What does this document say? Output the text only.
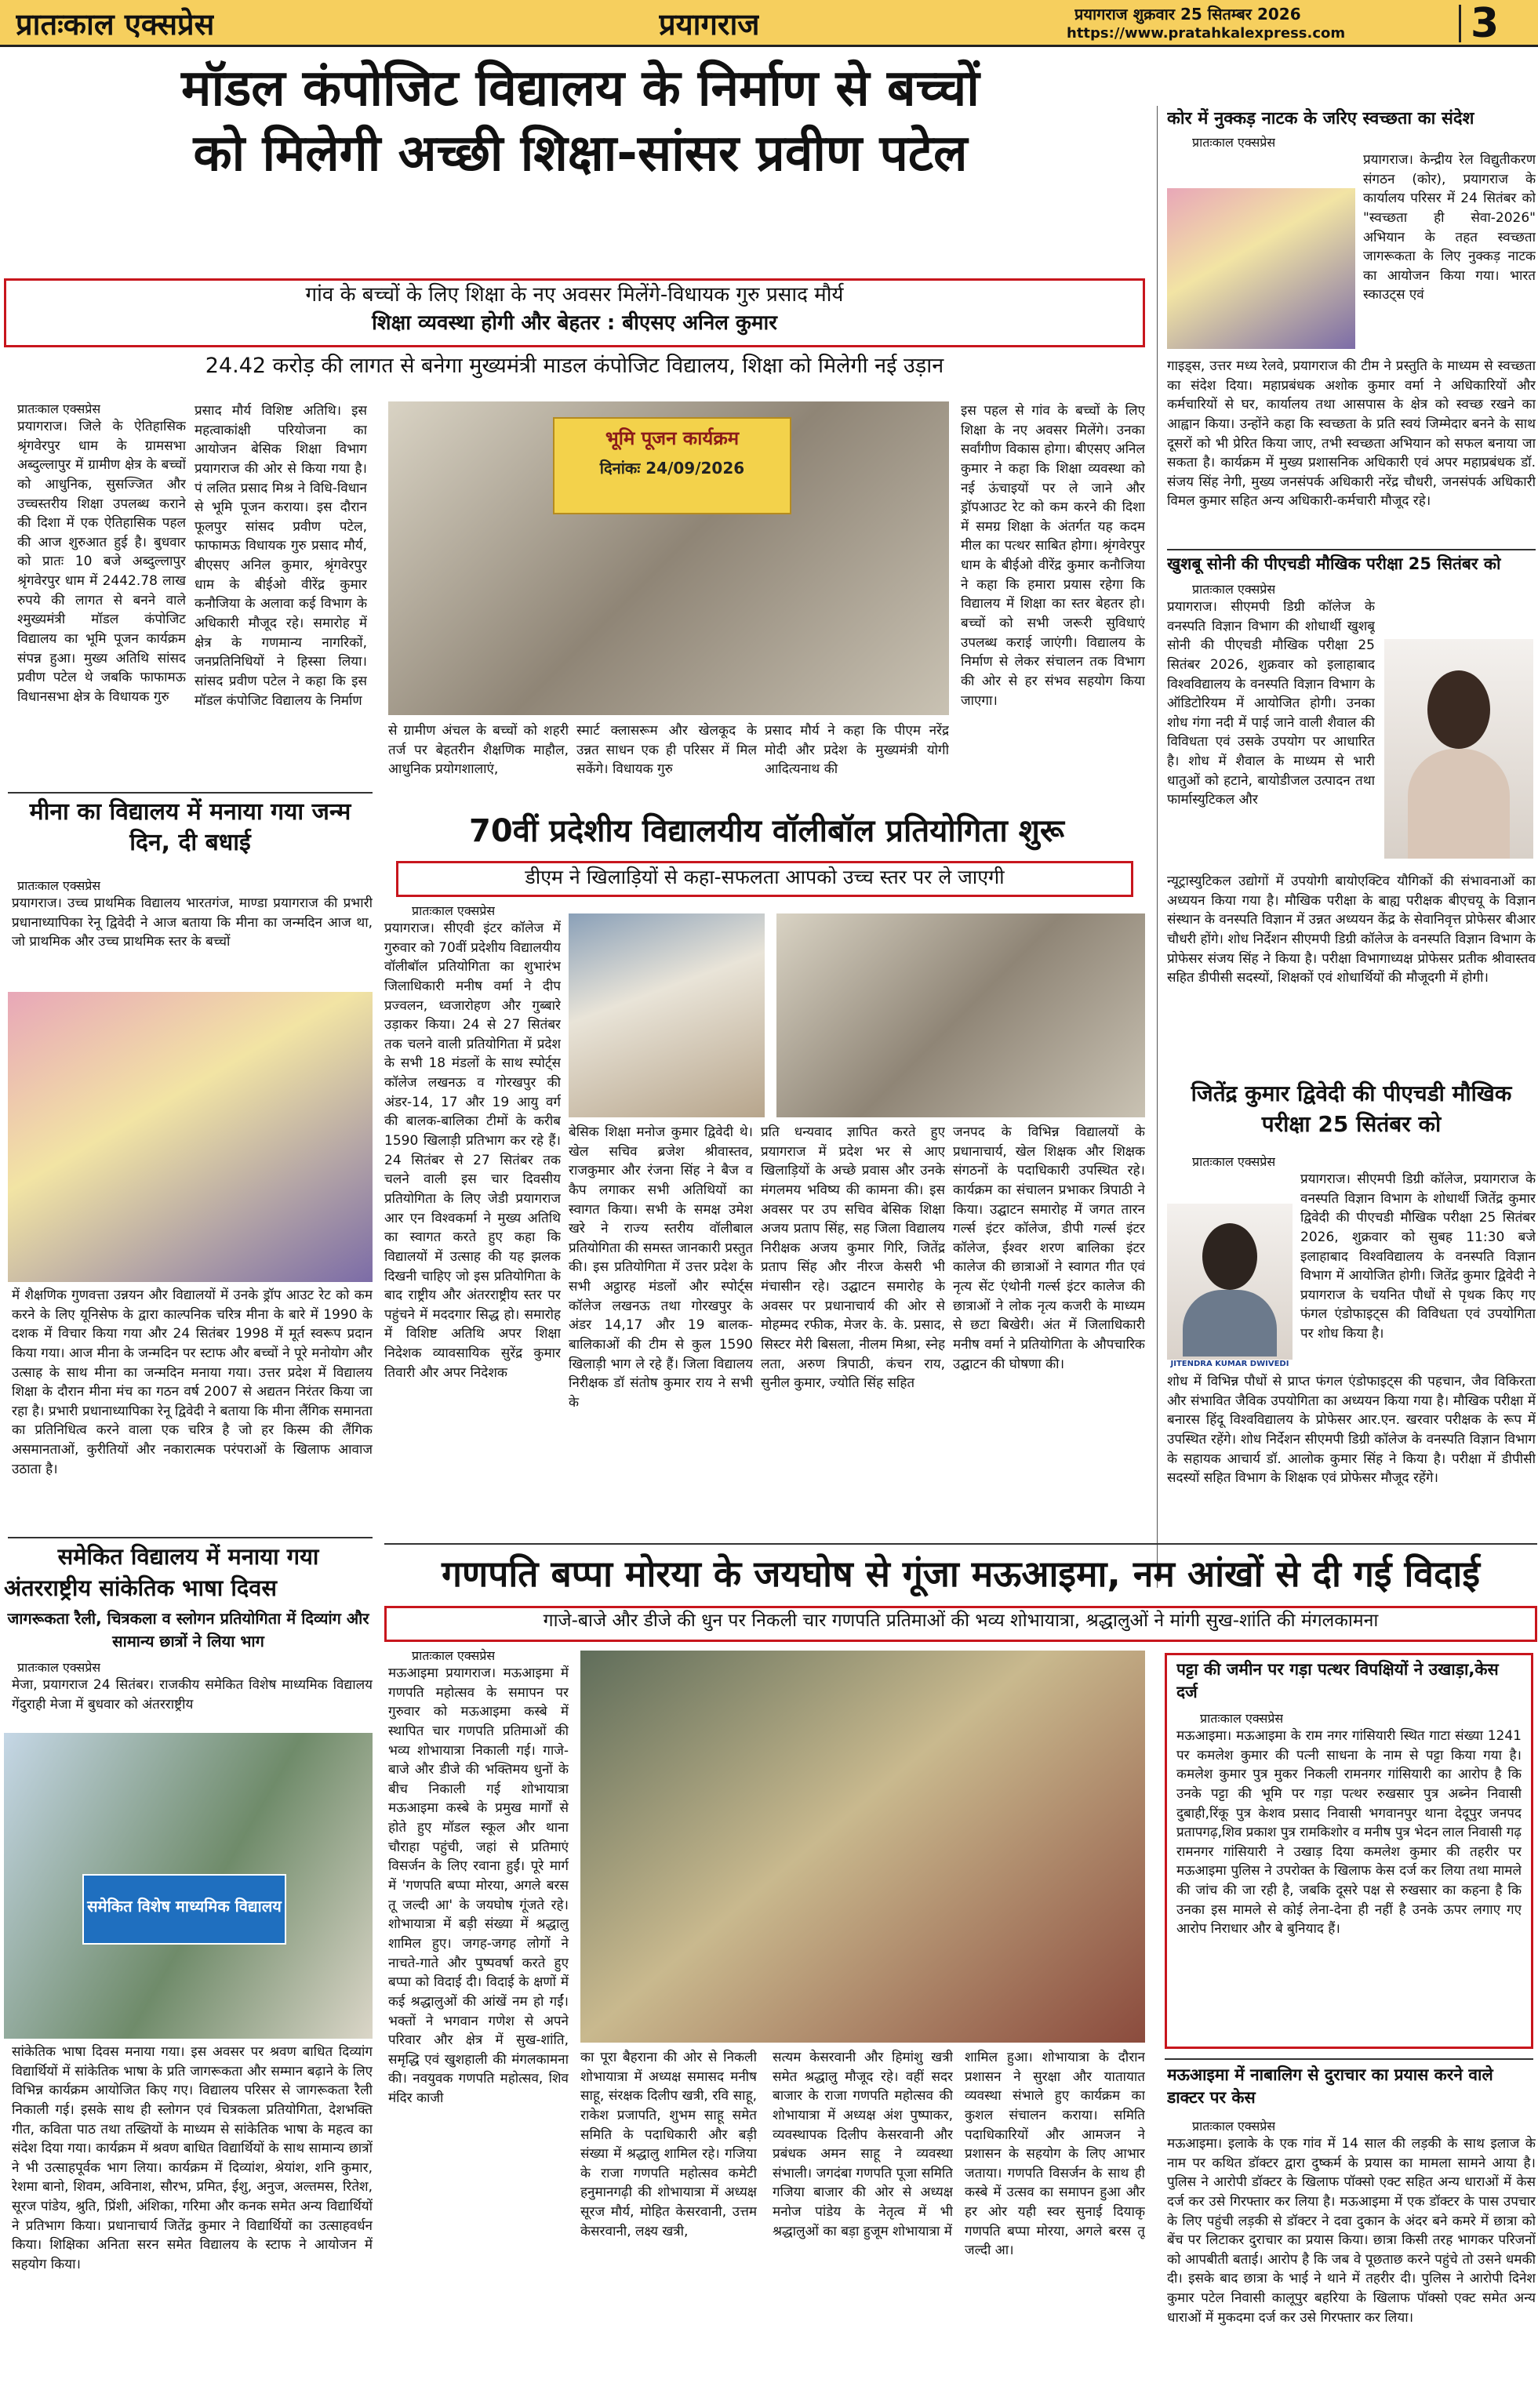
प्रातःकाल एक्सप्रेस	प्रयागराज	प्रयागराज शुक्रवार 25 सितम्बर 2026
https://www.pratahkalexpress.com	3
मॉडल कंपोजिट विद्यालय के निर्माण से बच्चों
को मिलेगी अच्छी शिक्षा-सांसर प्रवीण पटेल
गांव के बच्चों के लिए शिक्षा के नए अवसर मिलेंगे-विधायक गुरु प्रसाद मौर्य
शिक्षा व्यवस्था होगी और बेहतर : बीएसए अनिल कुमार
24.42 करोड़ की लागत से बनेगा मुख्यमंत्री माडल कंपोजिट विद्यालय, शिक्षा को मिलेगी नई उड़ान
प्रातःकाल एक्सप्रेस
प्रयागराज। जिले के ऐतिहासिक श्रृंगवेरपुर धाम के ग्रामसभा अब्दुल्लापुर में ग्रामीण क्षेत्र के बच्चों को आधुनिक, सुसज्जित और उच्चस्तरीय शिक्षा उपलब्ध कराने की दिशा में एक ऐतिहासिक पहल की आज शुरुआत हुई है। बुधवार को प्रातः 10 बजे अब्दुल्लापुर श्रृंगवेरपुर धाम में 2442.78 लाख रुपये की लागत से बनने वाले श्मुख्यमंत्री मॉडल कंपोजिट विद्यालय का भूमि पूजन कार्यक्रम संपन्न हुआ। मुख्य अतिथि सांसद प्रवीण पटेल थे जबकि फाफामऊ विधानसभा क्षेत्र के विधायक गुरु
प्रसाद मौर्य विशिष्ट अतिथि। इस महत्वाकांक्षी परियोजना का आयोजन बेसिक शिक्षा विभाग प्रयागराज की ओर से किया गया है। पं ललित प्रसाद मिश्र ने विधि-विधान से भूमि पूजन कराया। इस दौरान फूलपुर सांसद प्रवीण पटेल, फाफामऊ विधायक गुरु प्रसाद मौर्य, बीएसए अनिल कुमार, श्रृंगवेरपुर धाम के बीईओ वीरेंद्र कुमार कनौजिया के अलावा कई विभाग के अधिकारी मौजूद रहे। समारोह में क्षेत्र के गणमान्य नागरिकों, जनप्रतिनिधियों ने हिस्सा लिया। सांसद प्रवीण पटेल ने कहा कि इस मॉडल कंपोजिट विद्यालय के निर्माण
भूमि पूजन कार्यक्रम
दिनांकः 24/09/2026
से ग्रामीण अंचल के बच्चों को शहरी तर्ज पर बेहतरीन शैक्षणिक माहौल, आधुनिक प्रयोगशालाएं,
स्मार्ट क्लासरूम और खेलकूद के उन्नत साधन एक ही परिसर में मिल सकेंगे। विधायक गुरु
प्रसाद मौर्य ने कहा कि पीएम नरेंद्र मोदी और प्रदेश के मुख्यमंत्री योगी आदित्यनाथ की
इस पहल से गांव के बच्चों के लिए शिक्षा के नए अवसर मिलेंगे। उनका सर्वांगीण विकास होगा। बीएसए अनिल कुमार ने कहा कि शिक्षा व्यवस्था को नई ऊंचाइयों पर ले जाने और ड्रॉपआउट रेट को कम करने की दिशा में समग्र शिक्षा के अंतर्गत यह कदम मील का पत्थर साबित होगा। श्रृंगवेरपुर धाम के बीईओ वीरेंद्र कुमार कनौजिया ने कहा कि हमारा प्रयास रहेगा कि विद्यालय में शिक्षा का स्तर बेहतर हो। बच्चों को सभी जरूरी सुविधाएं उपलब्ध कराई जाएंगी। विद्यालय के निर्माण से लेकर संचालन तक विभाग की ओर से हर संभव सहयोग किया जाएगा।
कोर में नुक्कड़ नाटक के जरिए स्वच्छता का संदेश
प्रातःकाल एक्सप्रेस
प्रयागराज। केन्द्रीय रेल विद्युतीकरण संगठन (कोर), प्रयागराज के कार्यालय परिसर में 24 सितंबर को "स्वच्छता ही सेवा-2026" अभियान के तहत स्वच्छता जागरूकता के लिए नुक्कड़ नाटक का आयोजन किया गया। भारत स्काउट्स एवं
गाइड्स, उत्तर मध्य रेलवे, प्रयागराज की टीम ने प्रस्तुति के माध्यम से स्वच्छता का संदेश दिया। महाप्रबंधक अशोक कुमार वर्मा ने अधिकारियों और कर्मचारियों से घर, कार्यालय तथा आसपास के क्षेत्र को स्वच्छ रखने का आह्वान किया। उन्होंने कहा कि स्वच्छता के प्रति स्वयं जिम्मेदार बनने के साथ दूसरों को भी प्रेरित किया जाए, तभी स्वच्छता अभियान को सफल बनाया जा सकता है। कार्यक्रम में मुख्य प्रशासनिक अधिकारी एवं अपर महाप्रबंधक डॉ. संजय सिंह नेगी, मुख्य जनसंपर्क अधिकारी नरेंद्र चौधरी, जनसंपर्क अधिकारी विमल कुमार सहित अन्य अधिकारी-कर्मचारी मौजूद रहे।
खुशबू सोनी की पीएचडी मौखिक परीक्षा 25 सितंबर को
प्रातःकाल एक्सप्रेस
प्रयागराज। सीएमपी डिग्री कॉलेज के वनस्पति विज्ञान विभाग की शोधार्थी खुशबू सोनी की पीएचडी मौखिक परीक्षा 25 सितंबर 2026, शुक्रवार को इलाहाबाद विश्वविद्यालय के वनस्पति विज्ञान विभाग के ऑडिटोरियम में आयोजित होगी। उनका शोध गंगा नदी में पाई जाने वाली शैवाल की विविधता एवं उसके उपयोग पर आधारित है। शोध में शैवाल के माध्यम से भारी धातुओं को हटाने, बायोडीजल उत्पादन तथा फार्मास्युटिकल और
न्यूट्रास्युटिकल उद्योगों में उपयोगी बायोएक्टिव यौगिकों की संभावनाओं का अध्ययन किया गया है। मौखिक परीक्षा के बाह्य परीक्षक बीएचयू के विज्ञान संस्थान के वनस्पति विज्ञान में उन्नत अध्ययन केंद्र के सेवानिवृत्त प्रोफेसर बीआर चौधरी होंगे। शोध निर्देशन सीएमपी डिग्री कॉलेज के वनस्पति विज्ञान विभाग के प्रोफेसर संजय सिंह ने किया है। परीक्षा विभागाध्यक्ष प्रोफेसर प्रतीक श्रीवास्तव सहित डीपीसी सदस्यों, शिक्षकों एवं शोधार्थियों की मौजूदगी में होगी।
जितेंद्र कुमार द्विवेदी की पीएचडी मौखिक परीक्षा 25 सितंबर को
प्रातःकाल एक्सप्रेस
JITENDRA KUMAR DWIVEDI
प्रयागराज। सीएमपी डिग्री कॉलेज, प्रयागराज के वनस्पति विज्ञान विभाग के शोधार्थी जितेंद्र कुमार द्विवेदी की पीएचडी मौखिक परीक्षा 25 सितंबर 2026, शुक्रवार को सुबह 11:30 बजे इलाहाबाद विश्वविद्यालय के वनस्पति विज्ञान विभाग में आयोजित होगी। जितेंद्र कुमार द्विवेदी ने प्रयागराज के चयनित पौधों से पृथक किए गए फंगल एंडोफाइट्स की विविधता एवं उपयोगिता पर शोध किया है।
शोध में विभिन्न पौधों से प्राप्त फंगल एंडोफाइट्स की पहचान, जैव विकिरता और संभावित जैविक उपयोगिता का अध्ययन किया गया है। मौखिक परीक्षा में बनारस हिंदू विश्वविद्यालय के प्रोफेसर आर.एन. खरवार परीक्षक के रूप में उपस्थित रहेंगे। शोध निर्देशन सीएमपी डिग्री कॉलेज के वनस्पति विज्ञान विभाग के सहायक आचार्य डॉ. आलोक कुमार सिंह ने किया है। परीक्षा में डीपीसी सदस्यों सहित विभाग के शिक्षक एवं प्रोफेसर मौजूद रहेंगे।
मीना का विद्यालय में मनाया गया जन्म दिन, दी बधाई
प्रातःकाल एक्सप्रेस
प्रयागराज। उच्च प्राथमिक विद्यालय भारतगंज, माण्डा प्रयागराज की प्रभारी प्रधानाध्यापिका रेनू द्विवेदी ने आज बताया कि मीना का जन्मदिन आज था, जो प्राथमिक और उच्च प्राथमिक स्तर के बच्चों
में शैक्षणिक गुणवत्ता उन्नयन और विद्यालयों में उनके ड्रॉप आउट रेट को कम करने के लिए यूनिसेफ के द्वारा काल्पनिक चरित्र मीना के बारे में 1990 के दशक में विचार किया गया और 24 सितंबर 1998 में मूर्त स्वरूप प्रदान किया गया। आज मीना के जन्मदिन पर स्टाफ और बच्चों ने पूरे मनोयोग और उत्साह के साथ मीना का जन्मदिन मनाया गया। उत्तर प्रदेश में विद्यालय शिक्षा के दौरान मीना मंच का गठन वर्ष 2007 से अद्यतन निरंतर किया जा रहा है। प्रभारी प्रधानाध्यापिका रेनू द्विवेदी ने बताया कि मीना लैंगिक समानता का प्रतिनिधित्व करने वाला एक चरित्र है जो हर किस्म की लैंगिक असमानताओं, कुरीतियों और नकारात्मक परंपराओं के खिलाफ आवाज उठाता है।
समेकित विद्यालय में मनाया गया
अंतरराष्ट्रीय सांकेतिक भाषा दिवस
जागरूकता रैली, चित्रकला व स्लोगन प्रतियोगिता में दिव्यांग और सामान्य छात्रों ने लिया भाग
प्रातःकाल एक्सप्रेस
मेजा, प्रयागराज 24 सितंबर। राजकीय समेकित विशेष माध्यमिक विद्यालय गेंदुराही मेजा में बुधवार को अंतरराष्ट्रीय
समेकित विशेष माध्यमिक विद्यालय
सांकेतिक भाषा दिवस मनाया गया। इस अवसर पर श्रवण बाधित दिव्यांग विद्यार्थियों में सांकेतिक भाषा के प्रति जागरूकता और सम्मान बढ़ाने के लिए विभिन्न कार्यक्रम आयोजित किए गए। विद्यालय परिसर से जागरूकता रैली निकाली गई। इसके साथ ही स्लोगन एवं चित्रकला प्रतियोगिता, देशभक्ति गीत, कविता पाठ तथा तख्तियों के माध्यम से सांकेतिक भाषा के महत्व का संदेश दिया गया। कार्यक्रम में श्रवण बाधित विद्यार्थियों के साथ सामान्य छात्रों ने भी उत्साहपूर्वक भाग लिया। कार्यक्रम में दिव्यांश, श्रेयांश, शनि कुमार, रेशमा बानो, शिवम, अविनाश, सौरभ, प्रमित, ईशु, अनुज, अल्तमस, रितेश, सूरज पांडेय, श्रुति, प्रिंशी, अंशिका, गरिमा और कनक समेत अन्य विद्यार्थियों ने प्रतिभाग किया। प्रधानाचार्य जितेंद्र कुमार ने विद्यार्थियों का उत्साहवर्धन किया। शिक्षिका अनिता सरन समेत विद्यालय के स्टाफ ने आयोजन में सहयोग किया।
70वीं प्रदेशीय विद्यालयीय वॉलीबॉल प्रतियोगिता शुरू
डीएम ने खिलाड़ियों से कहा-सफलता आपको उच्च स्तर पर ले जाएगी
प्रातःकाल एक्सप्रेस
प्रयागराज। सीएवी इंटर कॉलेज में गुरुवार को 70वीं प्रदेशीय विद्यालयीय वॉलीबॉल प्रतियोगिता का शुभारंभ जिलाधिकारी मनीष वर्मा ने दीप प्रज्वलन, ध्वजारोहण और गुब्बारे उड़ाकर किया। 24 से 27 सितंबर तक चलने वाली प्रतियोगिता में प्रदेश के सभी 18 मंडलों के साथ स्पोर्ट्स कॉलेज लखनऊ व गोरखपुर की अंडर-14, 17 और 19 आयु वर्ग की बालक-बालिका टीमों के करीब 1590 खिलाड़ी प्रतिभाग कर रहे हैं। 24 सितंबर से 27 सितंबर तक चलने वाली इस चार दिवसीय प्रतियोगिता के लिए जेडी प्रयागराज आर एन विश्वकर्मा ने मुख्य अतिथि का स्वागत करते हुए कहा कि विद्यालयों में उत्साह की यह झलक दिखनी चाहिए जो इस प्रतियोगिता के बाद राष्ट्रीय और अंतरराष्ट्रीय स्तर पर पहुंचने में मददगार सिद्ध हो। समारोह में विशिष्ट अतिथि अपर शिक्षा निदेशक व्यावसायिक सुरेंद्र कुमार तिवारी और अपर निदेशक
बेसिक शिक्षा मनोज कुमार द्विवेदी थे। खेल सचिव ब्रजेश श्रीवास्तव, राजकुमार और रंजना सिंह ने बैज व कैप लगाकर सभी अतिथियों का स्वागत किया। सभी के समक्ष उमेश खरे ने राज्य स्तरीय वॉलीबाल प्रतियोगिता की समस्त जानकारी प्रस्तुत की। इस प्रतियोगिता में उत्तर प्रदेश के सभी अट्ठारह मंडलों और स्पोर्ट्स कॉलेज लखनऊ तथा गोरखपुर के अंडर 14,17 और 19 बालक-बालिकाओं की टीम से कुल 1590 खिलाड़ी भाग ले रहे हैं। जिला विद्यालय निरीक्षक डॉ संतोष कुमार राय ने सभी के
प्रति धन्यवाद ज्ञापित करते हुए प्रयागराज में प्रदेश भर से आए खिलाड़ियों के अच्छे प्रवास और उनके मंगलमय भविष्य की कामना की। इस अवसर पर उप सचिव बेसिक शिक्षा अजय प्रताप सिंह, सह जिला विद्यालय निरीक्षक अजय कुमार गिरि, जितेंद्र प्रताप सिंह और नीरज केसरी भी मंचासीन रहे। उद्घाटन समारोह के अवसर पर प्रधानाचार्य की ओर से मोहम्मद रफीक, मेजर के. के. प्रसाद, सिस्टर मेरी बिसला, नीलम मिश्रा, स्नेह लता, अरुण त्रिपाठी, कंचन राय, सुनील कुमार, ज्योति सिंह सहित
जनपद के विभिन्न विद्यालयों के प्रधानाचार्य, खेल शिक्षक और शिक्षक संगठनों के पदाधिकारी उपस्थित रहे। कार्यक्रम का संचालन प्रभाकर त्रिपाठी ने किया। उद्घाटन समारोह में जगत तारन गर्ल्स इंटर कॉलेज, डीपी गर्ल्स इंटर कॉलेज, ईश्वर शरण बालिका इंटर कालेज की छात्राओं ने स्वागत गीत एवं नृत्य सेंट एंथोनी गर्ल्स इंटर कालेज की छात्राओं ने लोक नृत्य कजरी के माध्यम से छटा बिखेरी। अंत में जिलाधिकारी मनीष वर्मा ने प्रतियोगिता के औपचारिक उद्घाटन की घोषणा की।
गणपति बप्पा मोरया के जयघोष से गूंजा मऊआइमा, नम आंखों से दी गई विदाई
गाजे-बाजे और डीजे की धुन पर निकली चार गणपति प्रतिमाओं की भव्य शोभायात्रा, श्रद्धालुओं ने मांगी सुख-शांति की मंगलकामना
प्रातःकाल एक्सप्रेस
मऊआइमा प्रयागराज। मऊआइमा में गणपति महोत्सव के समापन पर गुरुवार को मऊआइमा कस्बे में स्थापित चार गणपति प्रतिमाओं की भव्य शोभायात्रा निकाली गई। गाजे-बाजे और डीजे की भक्तिमय धुनों के बीच निकाली गई शोभायात्रा मऊआइमा कस्बे के प्रमुख मार्गों से होते हुए मॉडल स्कूल और थाना चौराहा पहुंची, जहां से प्रतिमाएं विसर्जन के लिए रवाना हुईं। पूरे मार्ग में 'गणपति बप्पा मोरया, अगले बरस तू जल्दी आ' के जयघोष गूंजते रहे। शोभायात्रा में बड़ी संख्या में श्रद्धालु शामिल हुए। जगह-जगह लोगों ने नाचते-गाते और पुष्पवर्षा करते हुए बप्पा को विदाई दी। विदाई के क्षणों में कई श्रद्धालुओं की आंखें नम हो गईं। भक्तों ने भगवान गणेश से अपने परिवार और क्षेत्र में सुख-शांति, समृद्धि एवं खुशहाली की मंगलकामना की। नवयुवक गणपति महोत्सव, शिव मंदिर काजी
का पूरा बैहराना की ओर से निकली शोभायात्रा में अध्यक्ष समासद मनीष साहू, संरक्षक दिलीप खत्री, रवि साहू, राकेश प्रजापति, शुभम साहू समेत समिति के पदाधिकारी और बड़ी संख्या में श्रद्धालु शामिल रहे। गजिया के राजा गणपति महोत्सव कमेटी हनुमानगढ़ी की शोभायात्रा में अध्यक्ष सूरज मौर्य, मोहित केसरवानी, उत्तम केसरवानी, लक्ष्य खत्री,
सत्यम केसरवानी और हिमांशु खत्री समेत श्रद्धालु मौजूद रहे। वहीं सदर बाजार के राजा गणपति महोत्सव की शोभायात्रा में अध्यक्ष अंश पुष्पाकर, व्यवस्थापक दिलीप केसरवानी और प्रबंधक अमन साहू ने व्यवस्था संभाली। जगदंबा गणपति पूजा समिति गजिया बाजार की ओर से अध्यक्ष मनोज पांडेय के नेतृत्व में भी श्रद्धालुओं का बड़ा हुजूम शोभायात्रा में
शामिल हुआ। शोभायात्रा के दौरान प्रशासन ने सुरक्षा और यातायात व्यवस्था संभाले हुए कार्यक्रम का कुशल संचालन कराया। समिति पदाधिकारियों और आमजन ने प्रशासन के सहयोग के लिए आभार जताया। गणपति विसर्जन के साथ ही कस्बे में उत्सव का समापन हुआ और हर ओर यही स्वर सुनाई दियाकृ गणपति बप्पा मोरया, अगले बरस तू जल्दी आ।
पट्टा की जमीन पर गड़ा पत्थर विपक्षियों ने उखाड़ा,केस दर्ज
प्रातःकाल एक्सप्रेस
मऊआइमा। मऊआइमा के राम नगर गांसियारी स्थित गाटा संख्या 1241 पर कमलेश कुमार की पत्नी साधना के नाम से पट्टा किया गया है। कमलेश कुमार पुत्र मुकर निकली रामनगर गांसियारी का आरोप है कि उनके पट्टा की भूमि पर गड़ा पत्थर रुखसार पुत्र अब्नेन निवासी दुबाही,रिंकू पुत्र केशव प्रसाद निवासी भगवानपुर थाना देदूपुर जनपद प्रतापगढ़,शिव प्रकाश पुत्र रामकिशोर व मनीष पुत्र भेदन लाल निवासी गढ़ रामनगर गांसियारी ने उखाड़ दिया कमलेश कुमार की तहरीर पर मऊआइमा पुलिस ने उपरोक्त के खिलाफ केस दर्ज कर लिया तथा मामले की जांच की जा रही है, जबकि दूसरे पक्ष से रुखसार का कहना है कि उनका इस मामले से कोई लेना-देना ही नहीं है उनके ऊपर लगाए गए आरोप निराधार और बे बुनियाद हैं।
मऊआइमा में नाबालिग से दुराचार का प्रयास करने वाले डाक्टर पर केस
प्रातःकाल एक्सप्रेस
मऊआइमा। इलाके के एक गांव में 14 साल की लड़की के साथ इलाज के नाम पर कथित डॉक्टर द्वारा दुष्कर्म के प्रयास का मामला सामने आया है। पुलिस ने आरोपी डॉक्टर के खिलाफ पॉक्सो एक्ट सहित अन्य धाराओं में केस दर्ज कर उसे गिरफ्तार कर लिया है। मऊआइमा में एक डॉक्टर के पास उपचार के लिए पहुंची लड़की से डॉक्टर ने दवा दुकान के अंदर बने कमरे में छात्रा को बेंच पर लिटाकर दुराचार का प्रयास किया। छात्रा किसी तरह भागकर परिजनों को आपबीती बताई। आरोप है कि जब वे पूछताछ करने पहुंचे तो उसने धमकी दी। इसके बाद छात्रा के भाई ने थाने में तहरीर दी। पुलिस ने आरोपी दिनेश कुमार पटेल निवासी कालूपुर बहरिया के खिलाफ पॉक्सो एक्ट समेत अन्य धाराओं में मुकदमा दर्ज कर उसे गिरफ्तार कर लिया।
